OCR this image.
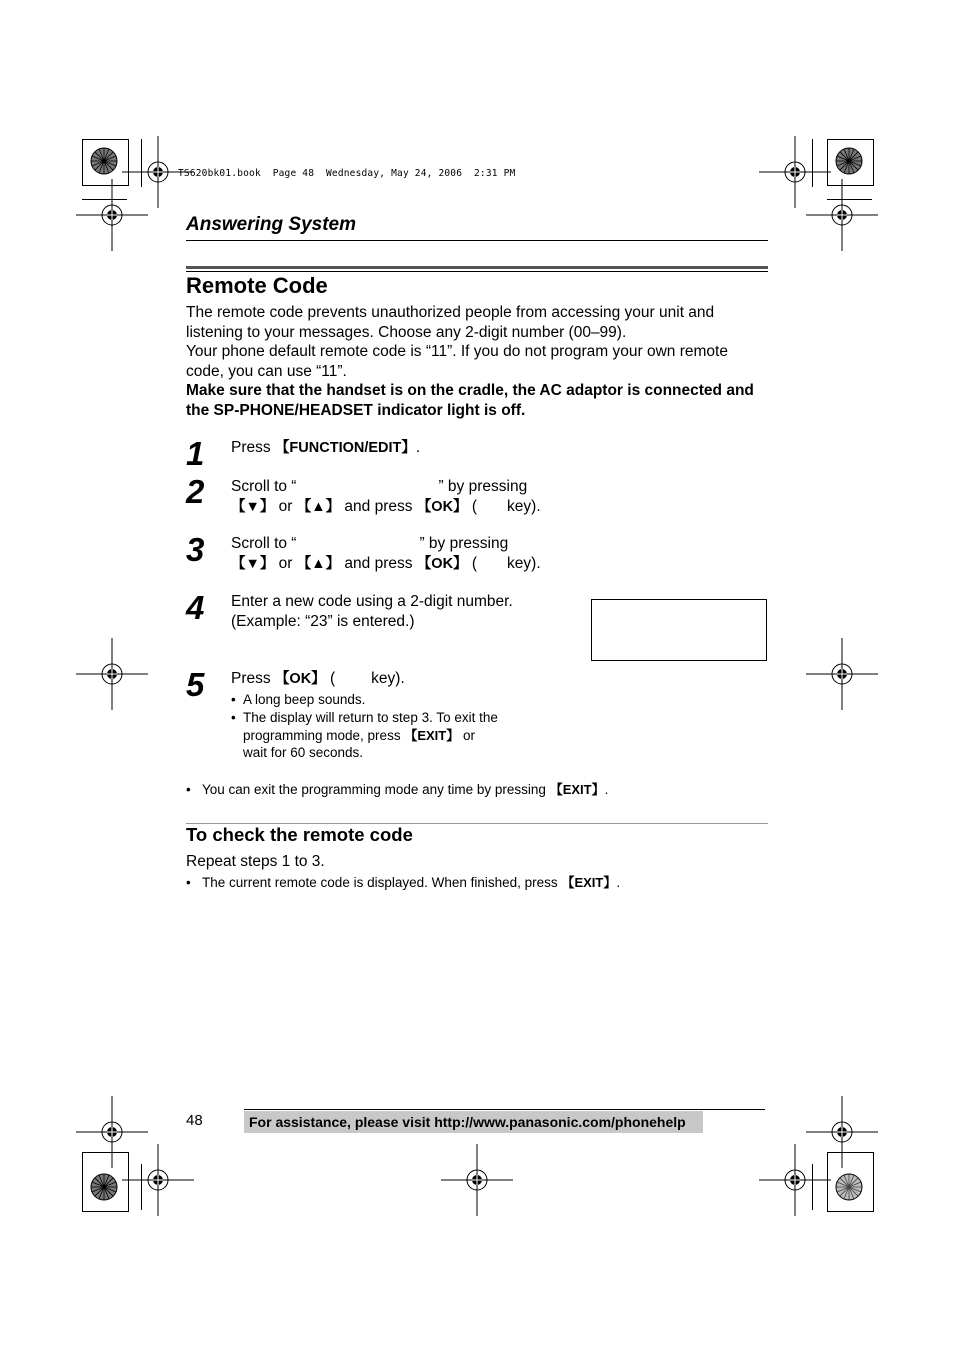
TS620bk01.book  Page 48  Wednesday, May 24, 2006  2:31 PM
Answering System
Remote Code
The remote code prevents unauthorized people from accessing your unit and
listening to your messages. Choose any 2-digit number (00–99).
Your phone default remote code is “11”. If you do not program your own remote
code, you can use “11”.
Make sure that the handset is on the cradle, the AC adaptor is connected and
the SP-PHONE/HEADSET indicator light is off.
1 Press 【FUNCTION/EDIT】.
2 Scroll to “	” by pressing
【▼】 or 【▲】 and press 【OK】 ( key).
3 Scroll to “	” by pressing
【▼】 or 【▲】 and press 【OK】 ( key).
4 Enter a new code using a 2-digit number.
(Example: “23” is entered.)
5 Press 【OK】 ( key).
• A long beep sounds.
• The display will return to step 3. To exit the
programming mode, press 【EXIT】 or
wait for 60 seconds.
• You can exit the programming mode any time by pressing 【EXIT】.
To check the remote code
Repeat steps 1 to 3.
• The current remote code is displayed. When finished, press 【EXIT】.
48	For assistance, please visit http://www.panasonic.com/phonehelp
